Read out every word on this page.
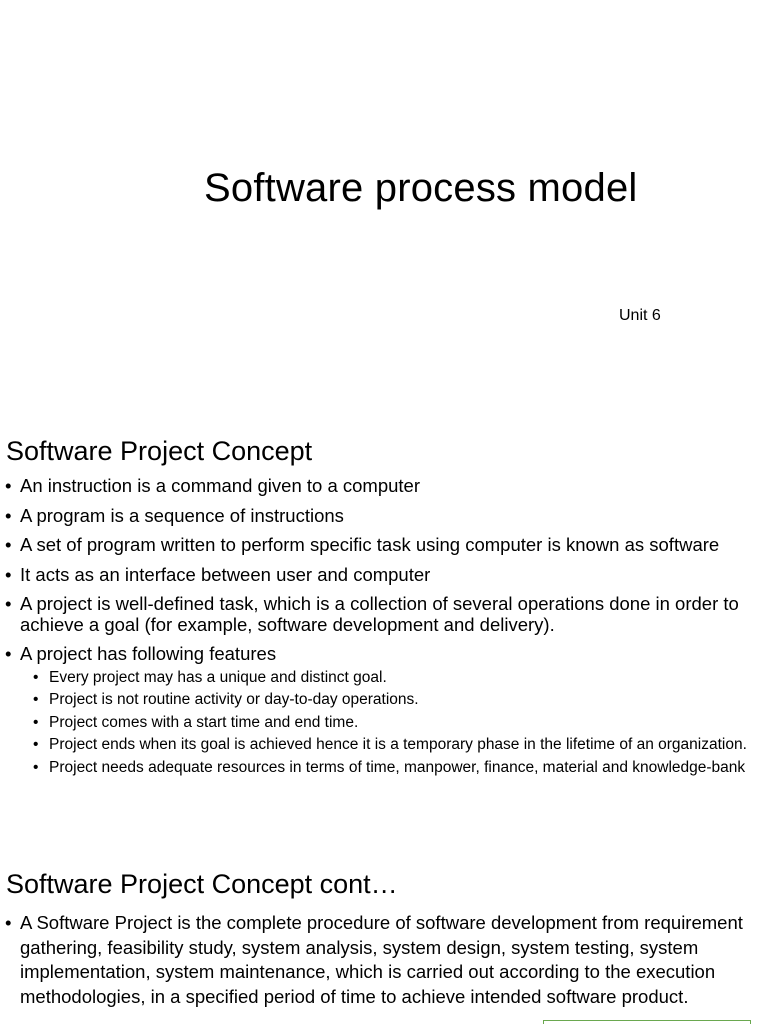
Software process model
Unit 6
Software Project Concept
• An instruction is a command given to a computer
• A program is a sequence of instructions
• A set of program written to perform specific task using computer is known as software
• It acts as an interface between user and computer
• A project is well-defined task, which is a collection of several operations done in order to achieve a goal (for example, software development and delivery).
• A project has following features
• Every project may has a unique and distinct goal.
• Project is not routine activity or day-to-day operations.
• Project comes with a start time and end time.
• Project ends when its goal is achieved hence it is a temporary phase in the lifetime of an organization.
• Project needs adequate resources in terms of time, manpower, finance, material and knowledge-bank
Software Project Concept cont…
• A Software Project is the complete procedure of software development from requirement gathering, feasibility study, system analysis, system design, system testing, system implementation, system maintenance, which is carried out according to the execution methodologies, in a specified period of time to achieve intended software product.
